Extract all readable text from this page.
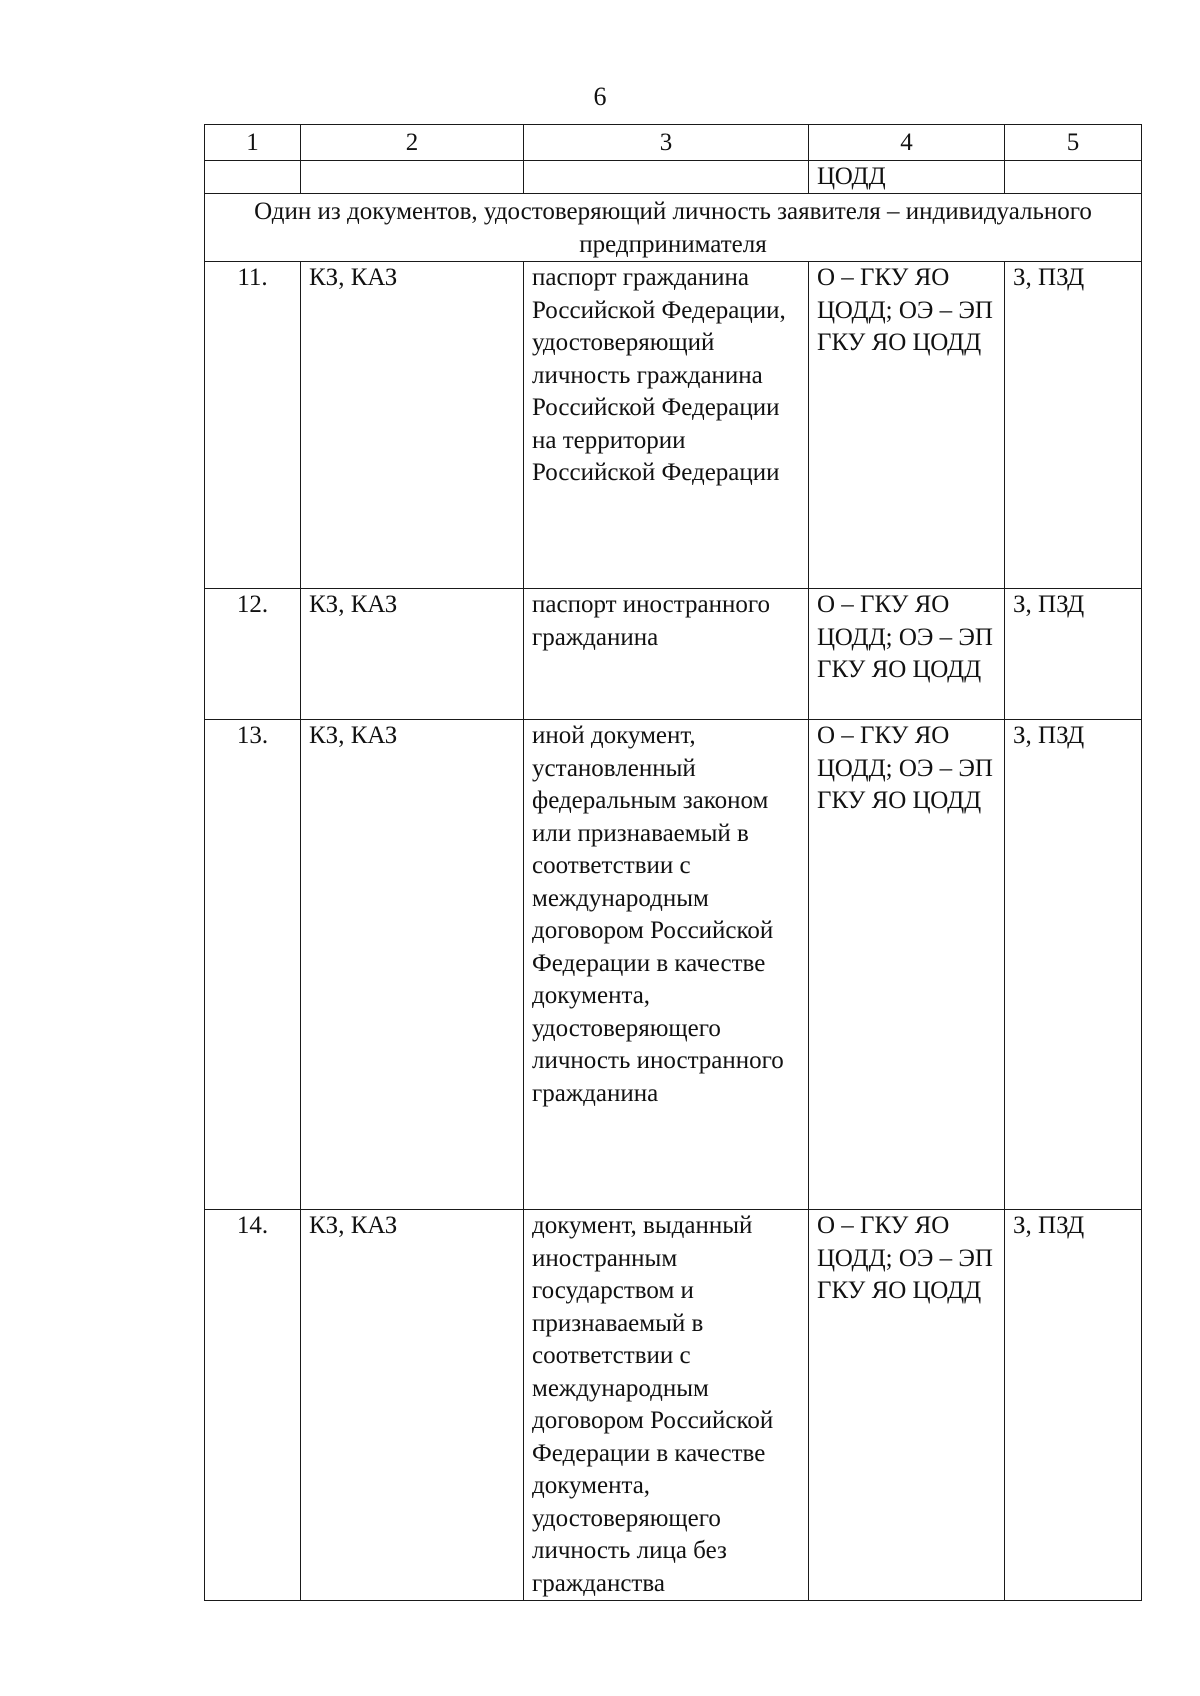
6
1	2	3	4	5
			ЦОДД	
Один из документов, удостоверяющий личность заявителя – индивидуального предпринимателя				
11.	КЗ, КАЗ	паспорт гражданина Российской Федерации, удостоверяющий личность гражданина Российской Федерации на территории Российской Федерации	О – ГКУ ЯО ЦОДД; ОЭ – ЭП ГКУ ЯО ЦОДД	З, ПЗД
12.	КЗ, КАЗ	паспорт иностранного гражданина	О – ГКУ ЯО ЦОДД; ОЭ – ЭП ГКУ ЯО ЦОДД	З, ПЗД
13.	КЗ, КАЗ	иной документ, установленный федеральным законом или признаваемый в соответствии с международным договором Российской Федерации в качестве документа, удостоверяющего личность иностранного гражданина	О – ГКУ ЯО ЦОДД; ОЭ – ЭП ГКУ ЯО ЦОДД	З, ПЗД
14.	КЗ, КАЗ	документ, выданный иностранным государством и признаваемый в соответствии с международным договором Российской Федерации в качестве документа, удостоверяющего личность лица без гражданства	О – ГКУ ЯО ЦОДД; ОЭ – ЭП ГКУ ЯО ЦОДД	З, ПЗД
